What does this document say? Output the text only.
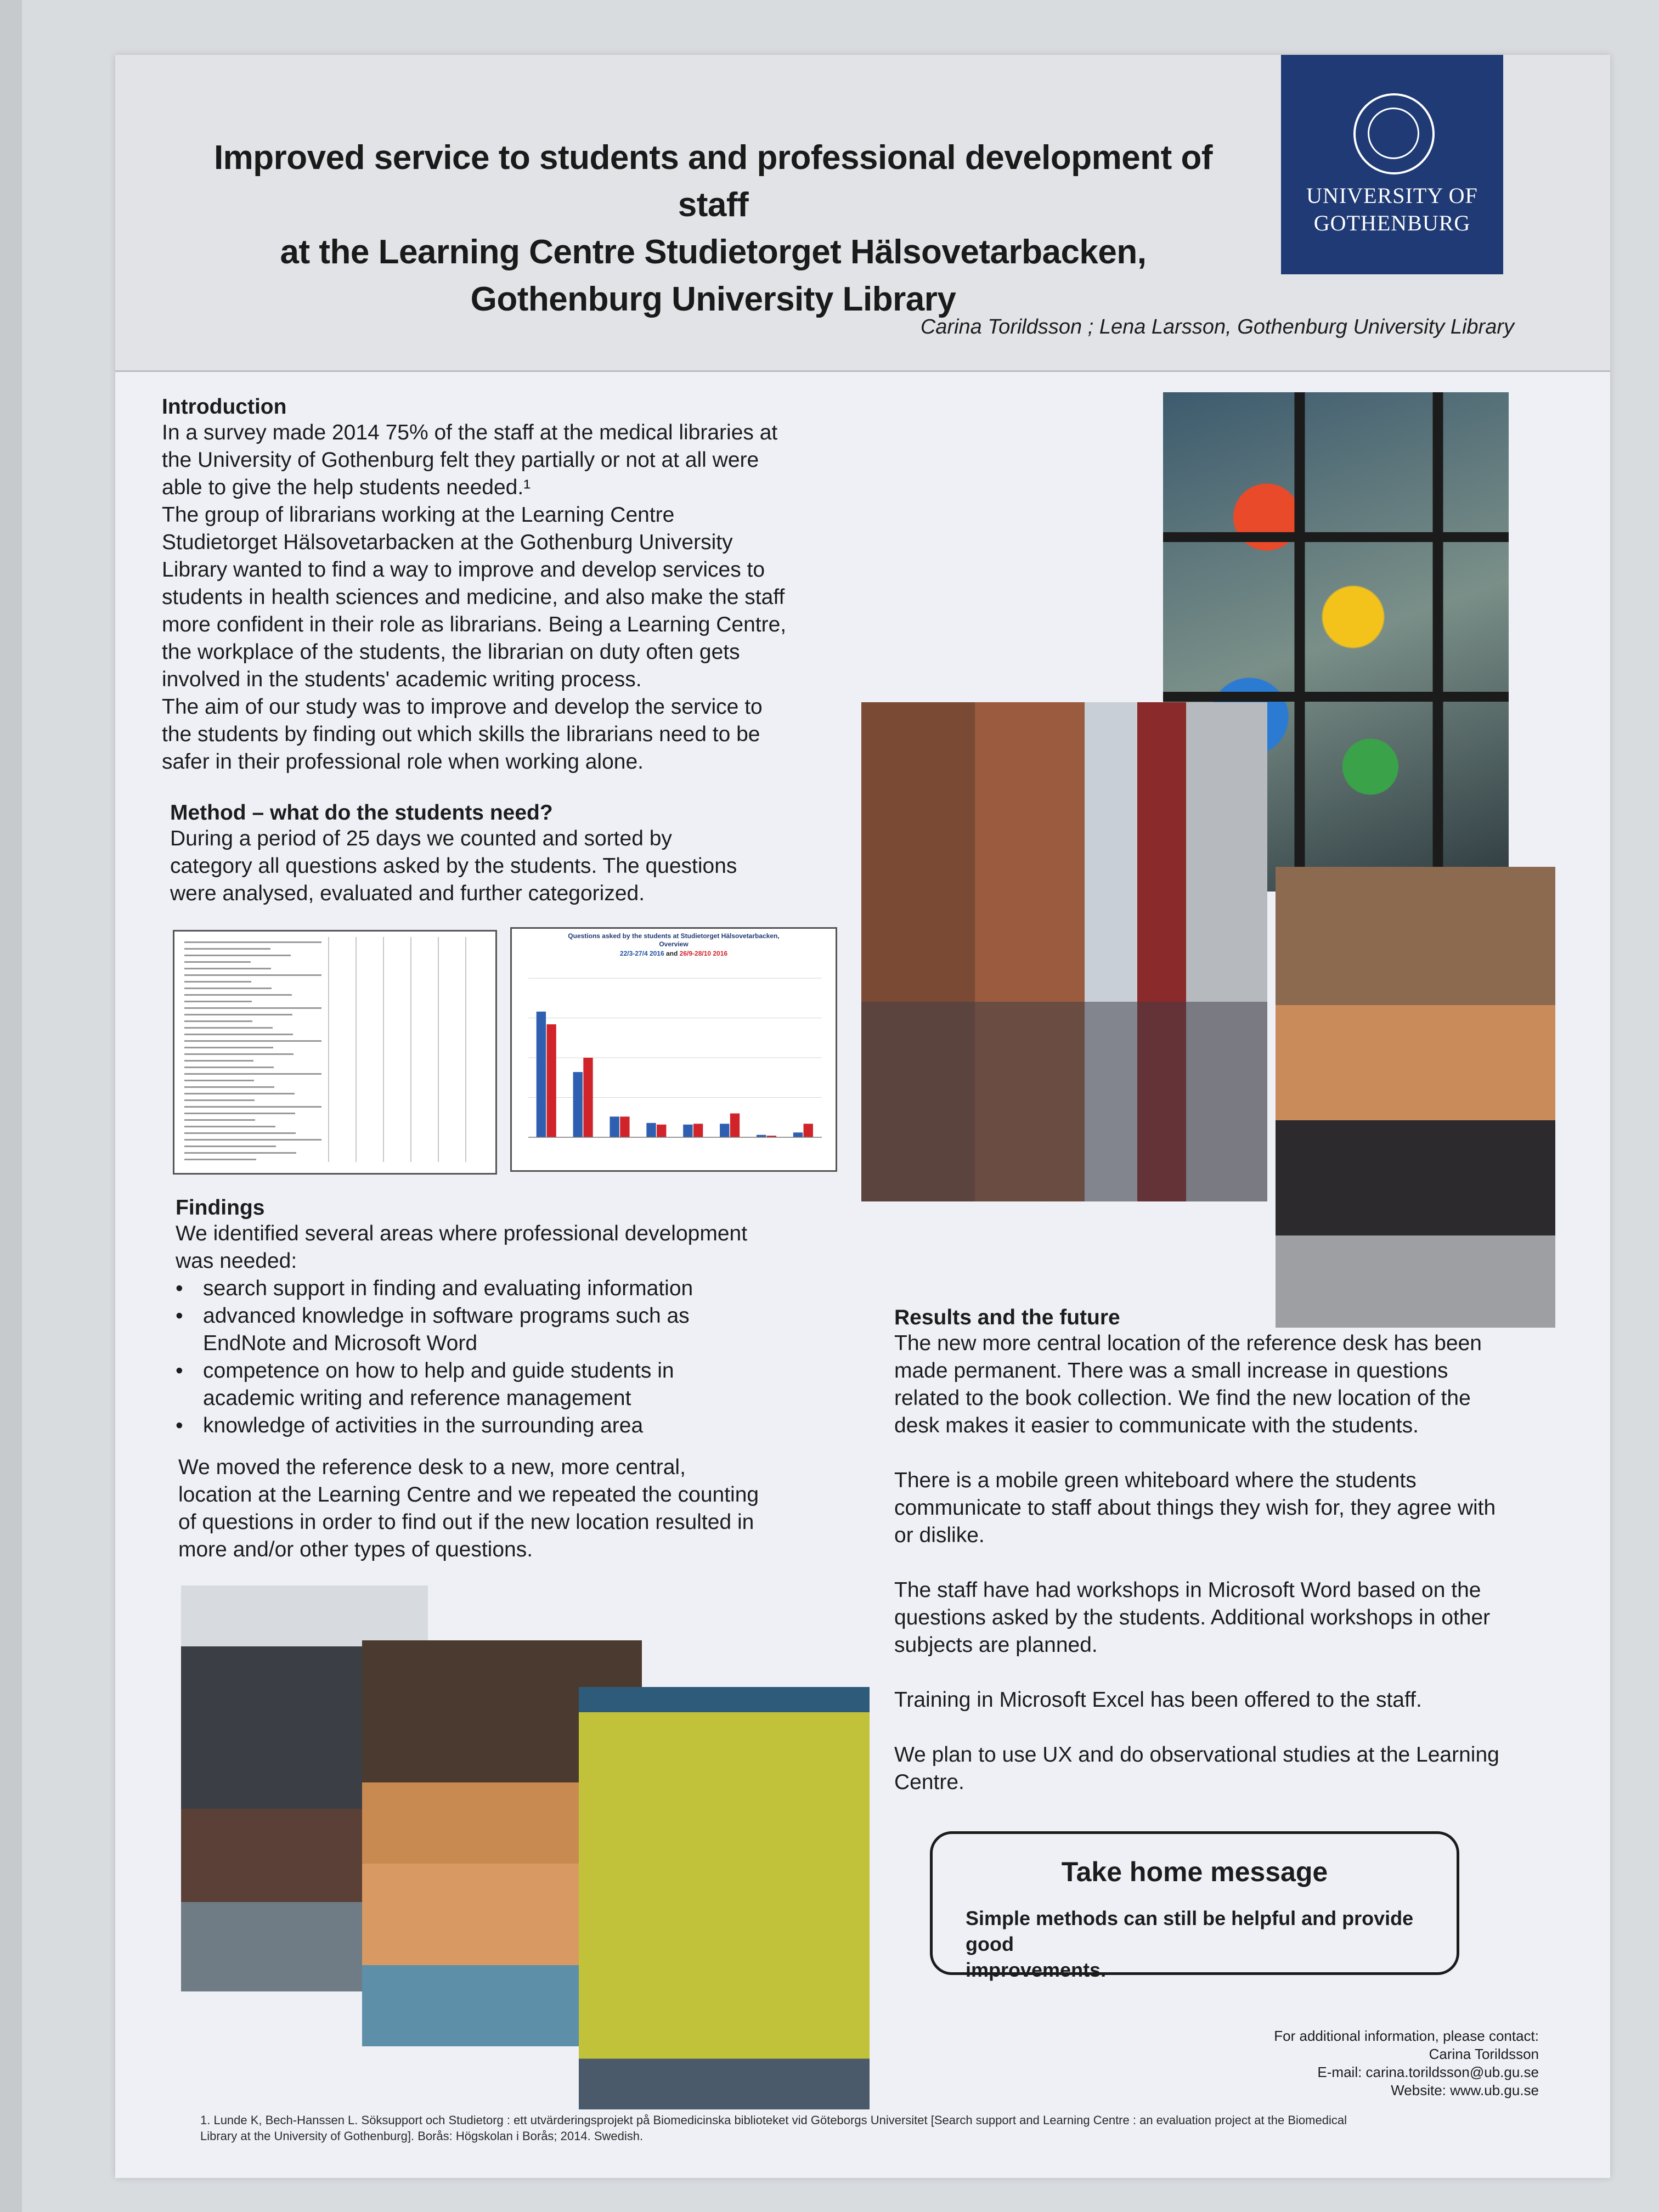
Improved service to students and professional development of staff
at the Learning Centre Studietorget Hälsovetarbacken,
Gothenburg University Library
UNIVERSITY OF
GOTHENBURG
Carina Torildsson ; Lena Larsson, Gothenburg University Library
Introduction

In a survey made 2014 75% of the staff at the medical libraries at
the University of Gothenburg felt they partially or not at all were
able to give the help students needed.¹
The group of librarians working at the Learning Centre
Studietorget Hälsovetarbacken at the Gothenburg University
Library wanted to find a way to improve and develop services to
students in health sciences and medicine, and also make the staff
more confident in their role as librarians. Being a Learning Centre,
the workplace of the students, the librarian on duty often gets
involved in the students' academic writing process.
The aim of our study was to improve and develop the service to
the students by finding out which skills the librarians need to be
safer in their professional role when working alone.

Method – what do the students need?

During a period of 25 days we counted and sorted by
category all questions asked by the students. The questions
were analysed, evaluated and further categorized.

Questions asked by the students at Studietorget Hälsovetarbacken,
Overview
22/3-27/4 2016 and 26/9-28/10 2016
Findings

We identified several areas where professional development
was needed:

• search support in finding and evaluating information
• advanced knowledge in software programs such as
EndNote and Microsoft Word
• competence on how to help and guide students in
academic writing and reference management
• knowledge of activities in the surrounding area

We moved the reference desk to a new, more central,
location at the Learning Centre and we repeated the counting
of questions in order to find out if the new location resulted in
more and/or other types of questions.

Results and the future

The new more central location of the reference desk has been
made permanent. There was a small increase in questions
related to the book collection. We find the new location of the
desk makes it easier to communicate with the students.

There is a mobile green whiteboard where the students
communicate to staff about things they wish for, they agree with
or dislike.

The staff have had workshops in Microsoft Word based on the
questions asked by the students. Additional workshops in other
subjects are planned.

Training in Microsoft Excel has been offered to the staff.

We plan to use UX and do observational studies at the Learning
Centre.

Take home message
Simple methods can still be helpful and provide good
improvements.
For additional information, please contact:
Carina Torildsson
E-mail: carina.torildsson@ub.gu.se
Website: www.ub.gu.se
1. Lunde K, Bech-Hanssen L. Söksupport och Studietorg : ett utvärderingsprojekt på Biomedicinska biblioteket vid Göteborgs Universitet [Search support and Learning Centre : an evaluation project at the Biomedical Library at the University of Gothenburg]. Borås: Högskolan i Borås; 2014. Swedish.
